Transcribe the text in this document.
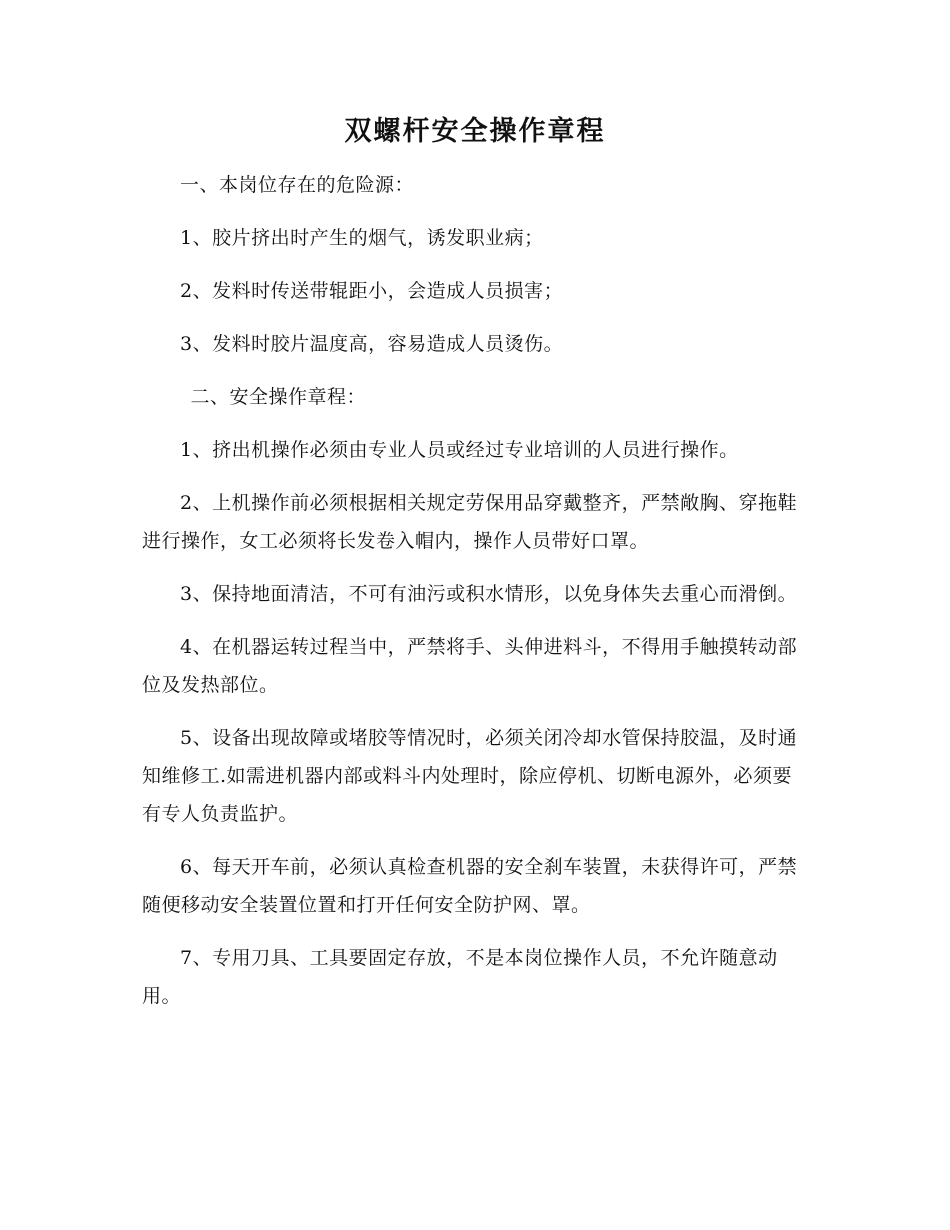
双螺杆安全操作章程

一、本岗位存在的危险源：

1、胶片挤出时产生的烟气，诱发职业病；

2、发料时传送带辊距小，会造成人员损害；

3、发料时胶片温度高，容易造成人员烫伤。

二、安全操作章程：

1、挤出机操作必须由专业人员或经过专业培训的人员进行操作。

2、上机操作前必须根据相关规定劳保用品穿戴整齐，严禁敞胸、穿拖鞋进行操作，女工必须将长发卷入帽内，操作人员带好口罩。

3、保持地面清洁，不可有油污或积水情形，以免身体失去重心而滑倒。

4、在机器运转过程当中，严禁将手、头伸进料斗，不得用手触摸转动部位及发热部位。

5、设备出现故障或堵胶等情况时，必须关闭冷却水管保持胶温，及时通知维修工.如需进机器内部或料斗内处理时，除应停机、切断电源外，必须要有专人负责监护。

6、每天开车前，必须认真检查机器的安全刹车装置，未获得许可，严禁随便移动安全装置位置和打开任何安全防护网、罩。

7、专用刀具、工具要固定存放，不是本岗位操作人员，不允许随意动用。
